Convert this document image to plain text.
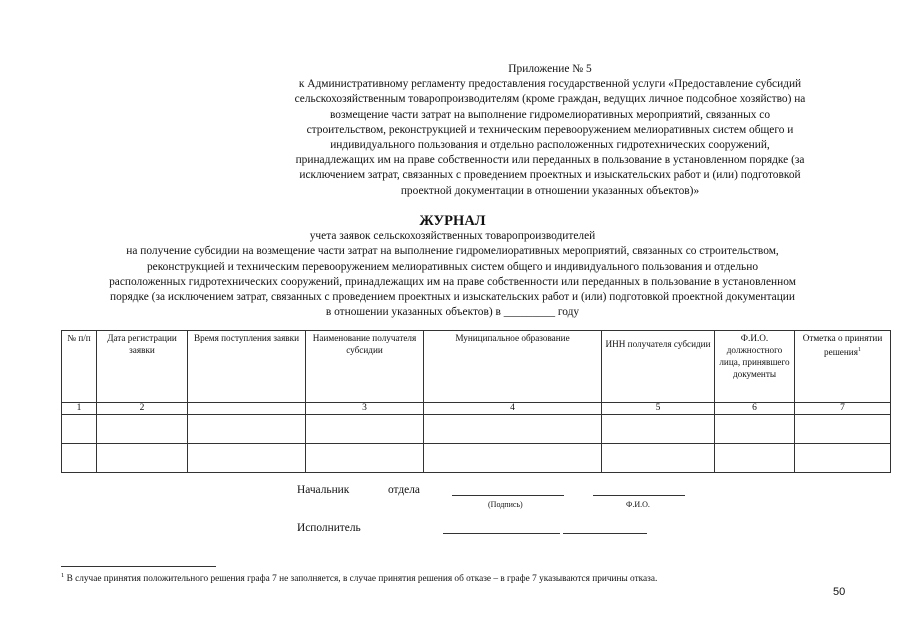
Приложение № 5
к Административному регламенту предоставления государственной услуги «Предоставление субсидий
сельскохозяйственным товаропроизводителям (кроме граждан, ведущих личное подсобное хозяйство) на
возмещение части затрат на выполнение гидромелиоративных мероприятий, связанных со
строительством, реконструкцией и техническим перевооружением мелиоративных систем общего и
индивидуального пользования и отдельно расположенных гидротехнических сооружений,
принадлежащих им на праве собственности или переданных в пользование в установленном порядке (за
исключением затрат, связанных с проведением проектных и изыскательских работ и (или) подготовкой
проектной документации в отношении указанных объектов)»
ЖУРНАЛ
учета заявок сельскохозяйственных товаропроизводителей
на получение субсидии на возмещение части затрат на выполнение гидромелиоративных мероприятий, связанных со строительством,
реконструкцией и техническим перевооружением мелиоративных систем общего и индивидуального пользования и отдельно
расположенных гидротехнических сооружений, принадлежащих им на праве собственности или переданных в пользование в установленном
порядке (за исключением затрат, связанных с проведением проектных и изыскательских работ и (или) подготовкой проектной документации
в отношении указанных объектов) в _________ году
№ п/п	Дата регистрации заявки	Время поступления заявки	Наименование получателя субсидии	Муниципальное образование	ИНН получателя субсидии	Ф.И.О. должностного лица, принявшего документы	Отметка о принятии решения$^1$
1	2		3	4	5	6	7

Начальник	отдела
(Подпись)	Ф.И.О.
Исполнитель
$^1$ В случае принятия положительного решения графа 7 не заполняется, в случае принятия решения об отказе – в графе 7 указываются причины отказа.
50
